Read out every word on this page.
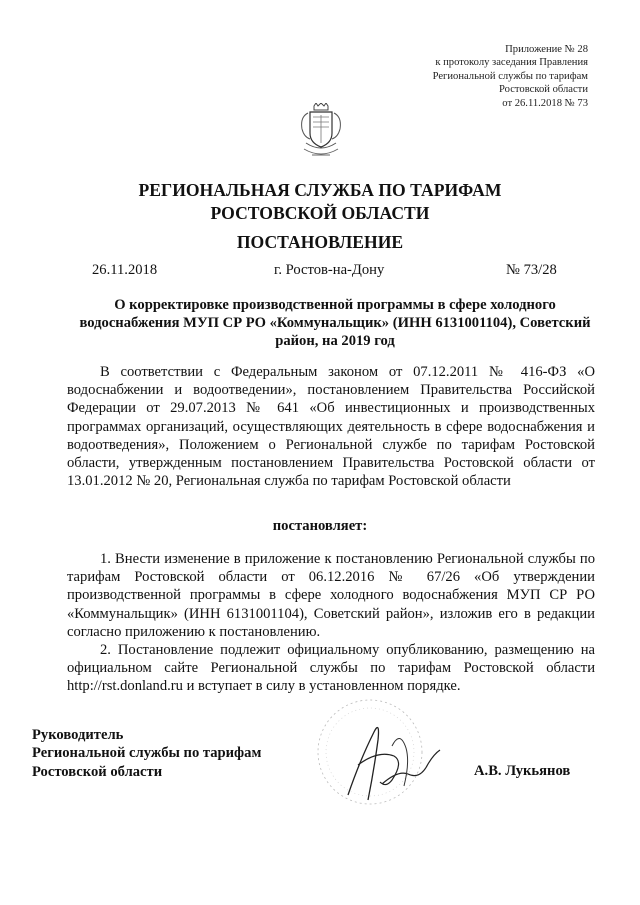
Приложение № 28
к протоколу заседания Правления
Региональной службы по тарифам
Ростовской области
от 26.11.2018 № 73
РЕГИОНАЛЬНАЯ СЛУЖБА ПО ТАРИФАМ
РОСТОВСКОЙ ОБЛАСТИ
ПОСТАНОВЛЕНИЕ
26.11.2018	г. Ростов-на-Дону	№ 73/28
О корректировке производственной программы в сфере холодного водоснабжения МУП СР РО «Коммунальщик» (ИНН 6131001104), Советский район, на 2019 год
В соответствии с Федеральным законом от 07.12.2011 № 416-ФЗ «О водоснабжении и водоотведении», постановлением Правительства Российской Федерации от 29.07.2013 № 641 «Об инвестиционных и производственных программах организаций, осуществляющих деятельность в сфере водоснабжения и водоотведения», Положением о Региональной службе по тарифам Ростовской области, утвержденным постановлением Правительства Ростовской области от 13.01.2012 № 20, Региональная служба по тарифам Ростовской области
постановляет:
1. Внести изменение в приложение к постановлению Региональной службы по тарифам Ростовской области от 06.12.2016 № 67/26 «Об утверждении производственной программы в сфере холодного водоснабжения МУП СР РО «Коммунальщик» (ИНН 6131001104), Советский район», изложив его в редакции согласно приложению к постановлению.
2. Постановление подлежит официальному опубликованию, размещению на официальном сайте Региональной службы по тарифам Ростовской области http://rst.donland.ru и вступает в силу в установленном порядке.
Руководитель
Региональной службы по тарифам
Ростовской области	А.В. Лукьянов
